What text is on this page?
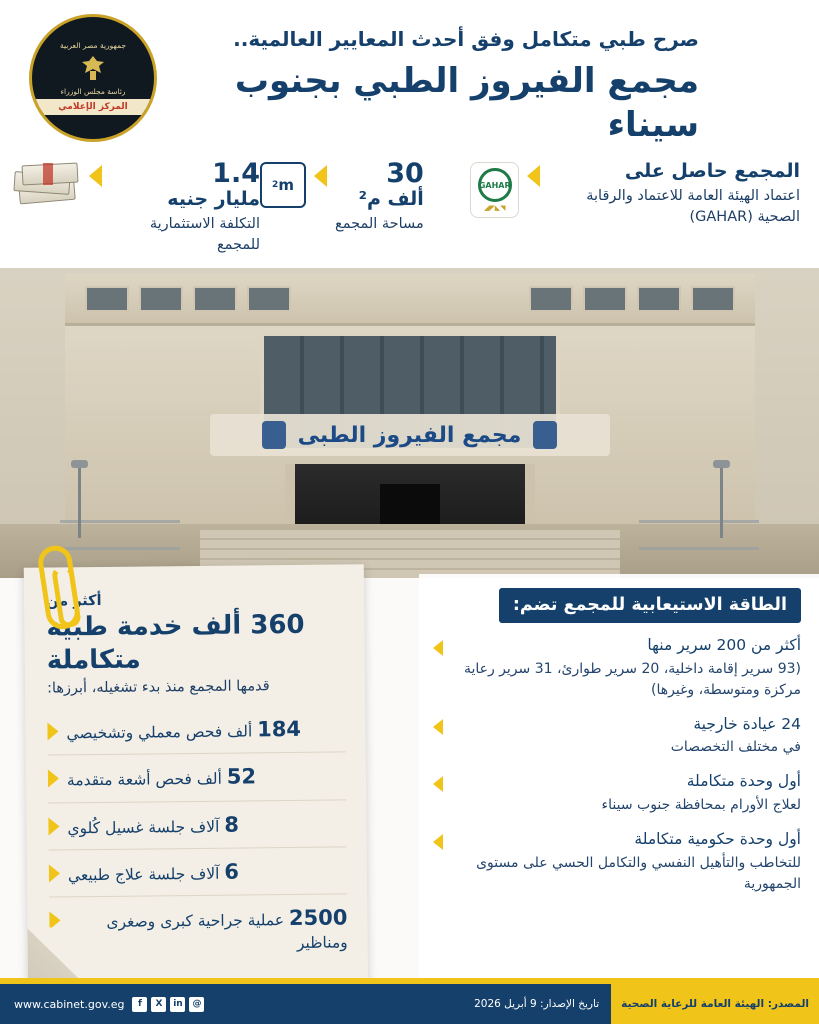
صرح طبي متكامل وفق أحدث المعايير العالمية..
مجمع الفيروز الطبي بجنوب سيناء
جمهورية مصر العربية
رئاسة مجلس الوزراء
المركز الإعلامي
1.4
مليار جنيه
التكلفة الاستثمارية للمجمع
m
2	30
ألف م²
مساحة المجمع
GAHAR
◥◣◤◢
المجمع حاصل على
اعتماد الهيئة العامة للاعتماد والرقابة الصحية (GAHAR)
مجمع الفيروز الطبى
الطاقة الاستيعابية للمجمع تضم:
أكثر من 200 سرير منها
(93 سرير إقامة داخلية، 20 سرير طوارئ، 31 سرير رعاية مركزة ومتوسطة، وغيرها)
24 عيادة خارجية
في مختلف التخصصات
أول وحدة متكاملة
لعلاج الأورام بمحافظة جنوب سيناء
أول وحدة حكومية متكاملة
للتخاطب والتأهيل النفسي والتكامل الحسي على مستوى الجمهورية
أكثر من
360 ألف خدمة طبية متكاملة
قدمها المجمع منذ بدء تشغيله، أبرزها:
184 ألف فحص معملي وتشخيصي
52 ألف فحص أشعة متقدمة
8 آلاف جلسة غسيل كُلوي
6 آلاف جلسة علاج طبيعي
2500 عملية جراحية كبرى وصغرى ومناظير
المصدر: الهيئة العامة للرعاية الصحية
تاريخ الإصدار: 9 أبريل 2026
www.cabinet.gov.eg	f	X	in	@
